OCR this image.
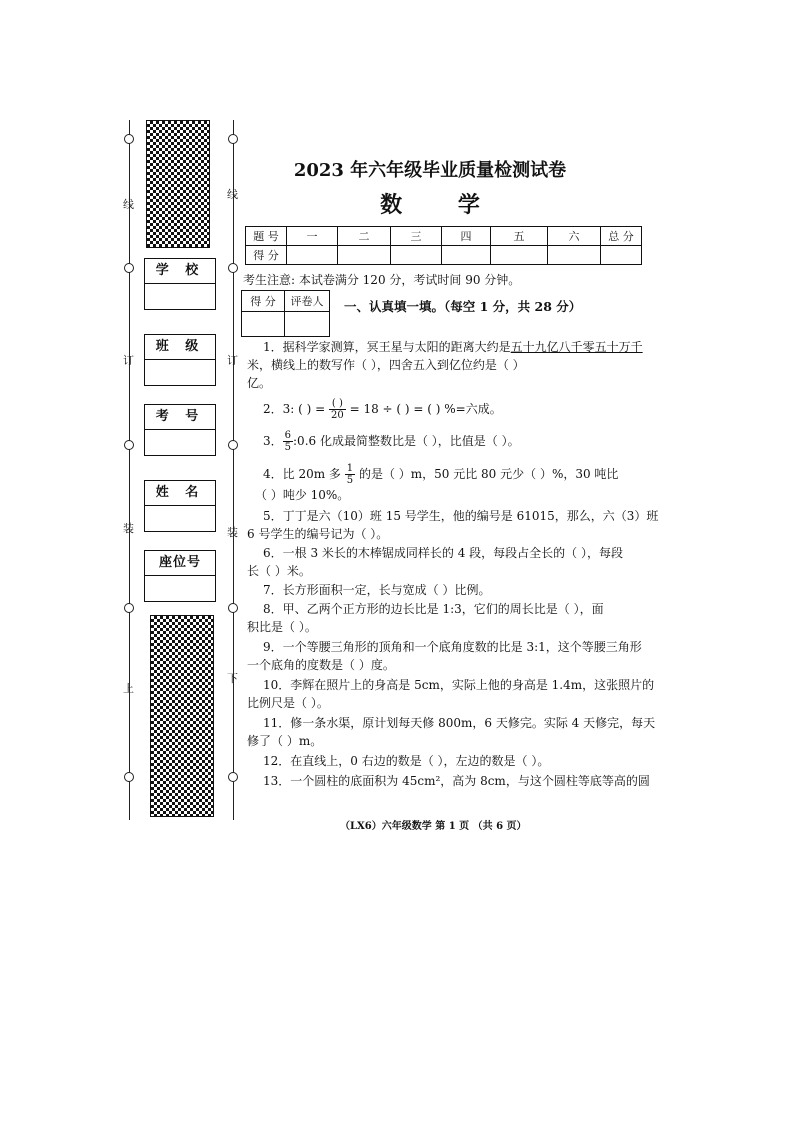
线
订
装
上
线
订
装
下
学 校
班 级
考 号
姓 名
座位号
2023 年六年级毕业质量检测试卷
数 学
题 号	一	二	三	四	五	六	总 分
得 分							
考生注意: 本试卷满分 120 分，考试时间 90 分钟。
得 分	评卷人
	一、认真填一填。（每空 1 分，共 28 分）
1．据科学家测算，冥王星与太阳的距离大约是五十九亿八千零五十万千
米，横线上的数写作（ ），四舍五入到亿位约是（ ）
亿。
2．3: ( ) = $\frac{( )}{20} = 18$ ÷ ( ) = ( ) %=六成。
3． $\frac{6}{5}$ :0.6 化成最简整数比是（ ），比值是（ ）。
4．比 20m 多 $\frac{1}{5}$ 的是（ ）m，50 元比 80 元少（ ）%，30 吨比
（ ）吨少 10%。
5．丁丁是六（10）班 15 号学生，他的编号是 61015，那么，六（3）班
6 号学生的编号记为（ ）。
6．一根 3 米长的木棒锯成同样长的 4 段，每段占全长的（ ），每段
长（ ）米。
7．长方形面积一定，长与宽成（ ）比例。
8．甲、乙两个正方形的边长比是 1:3，它们的周长比是（ ），面
积比是（ ）。
9．一个等腰三角形的顶角和一个底角度数的比是 3:1，这个等腰三角形
一个底角的度数是（ ）度。
10．李辉在照片上的身高是 5cm，实际上他的身高是 1.4m，这张照片的
比例尺是（ ）。
11．修一条水渠，原计划每天修 800m，6 天修完。实际 4 天修完，每天
修了（ ）m。
12．在直线上，0 右边的数是（ ），左边的数是（ ）。
13．一个圆柱的底面积为 45cm²，高为 8cm，与这个圆柱等底等高的圆
（LX6）六年级数学 第 1 页 （共 6 页）
